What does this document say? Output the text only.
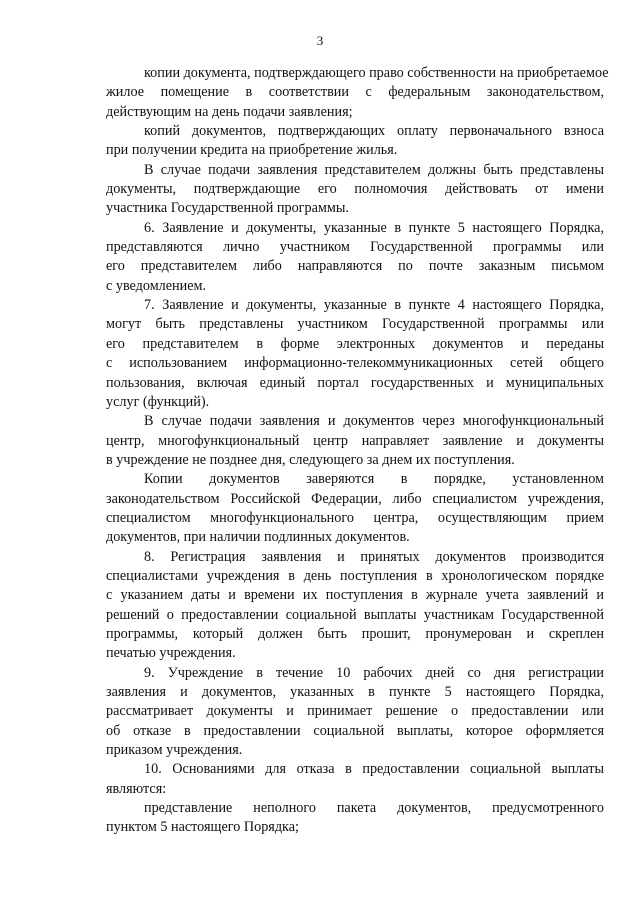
3
копии документа, подтверждающего право собственности на приобретаемое
жилое помещение в соответствии с федеральным законодательством,
действующим на день подачи заявления;
копий документов, подтверждающих оплату первоначального взноса
при получении кредита на приобретение жилья.
В случае подачи заявления представителем должны быть представлены
документы, подтверждающие его полномочия действовать от имени
участника Государственной программы.
6. Заявление и документы, указанные в пункте 5 настоящего Порядка,
представляются лично участником Государственной программы или
его представителем либо направляются по почте заказным письмом
с уведомлением.
7. Заявление и документы, указанные в пункте 4 настоящего Порядка,
могут быть представлены участником Государственной программы или
его представителем в форме электронных документов и переданы
с использованием информационно-телекоммуникационных сетей общего
пользования, включая единый портал государственных и муниципальных
услуг (функций).
В случае подачи заявления и документов через многофункциональный
центр, многофункциональный центр направляет заявление и документы
в учреждение не позднее дня, следующего за днем их поступления.
Копии документов заверяются в порядке, установленном
законодательством Российской Федерации, либо специалистом учреждения,
специалистом многофункционального центра, осуществляющим прием
документов, при наличии подлинных документов.
8. Регистрация заявления и принятых документов производится
специалистами учреждения в день поступления в хронологическом порядке
с указанием даты и времени их поступления в журнале учета заявлений и
решений о предоставлении социальной выплаты участникам Государственной
программы, который должен быть прошит, пронумерован и скреплен
печатью учреждения.
9. Учреждение в течение 10 рабочих дней со дня регистрации
заявления и документов, указанных в пункте 5 настоящего Порядка,
рассматривает документы и принимает решение о предоставлении или
об отказе в предоставлении социальной выплаты, которое оформляется
приказом учреждения.
10. Основаниями для отказа в предоставлении социальной выплаты
являются:
представление неполного пакета документов, предусмотренного
пунктом 5 настоящего Порядка;
